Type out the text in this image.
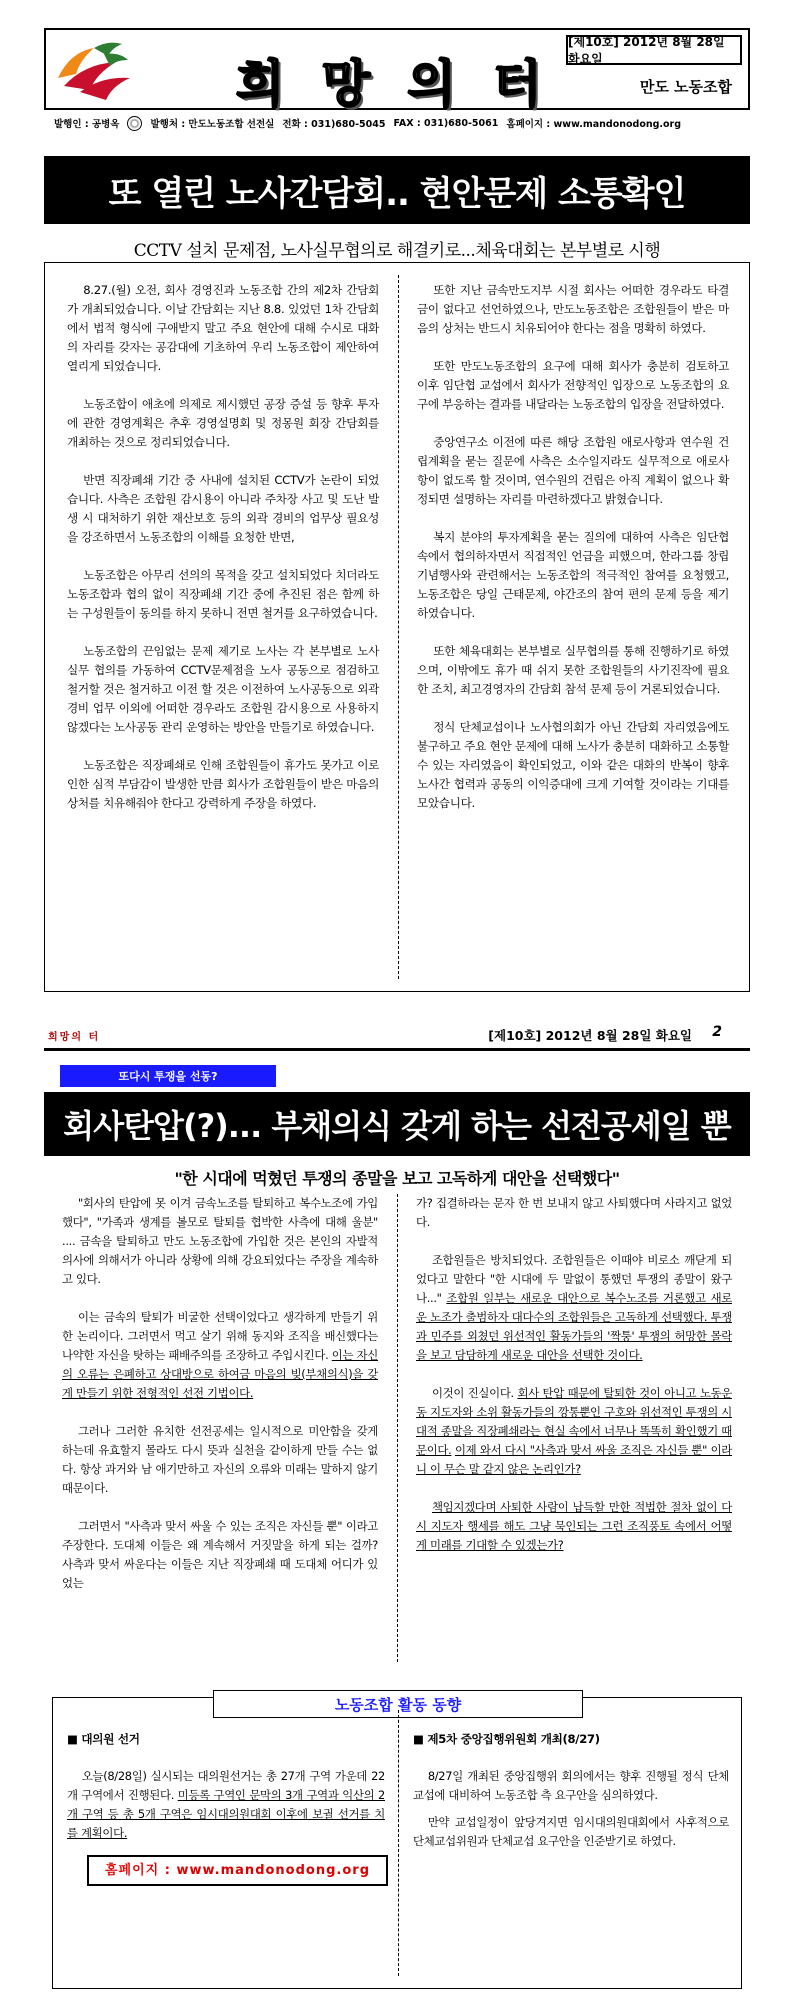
희 망 의 터
[제10호] 2012년 8월 28일 화요일
만도 노동조합
발행인 : 공병옥	발행처 : 만도노동조합 선전실 전화 : 031)680-5045 FAX : 031)680-5061 홈페이지 : www.mandonodong.org
또 열린 노사간담회.. 현안문제 소통확인
CCTV 설치 문제점, 노사실무협의로 해결키로...체육대회는 본부별로 시행

8.27.(월) 오전, 회사 경영진과 노동조합 간의 제2차 간담회가 개최되었습니다. 이날 간담회는 지난 8.8. 있었던 1차 간담회에서 법적 형식에 구애받지 말고 주요 현안에 대해 수시로 대화의 자리를 갖자는 공감대에 기초하여 우리 노동조합이 제안하여 열리게 되었습니다.

노동조합이 애초에 의제로 제시했던 공장 증설 등 향후 투자에 관한 경영계획은 추후 경영설명회 및 정몽원 회장 간담회를 개최하는 것으로 정리되었습니다.

반면 직장폐쇄 기간 중 사내에 설치된 CCTV가 논란이 되었습니다. 사측은 조합원 감시용이 아니라 주차장 사고 및 도난 발생 시 대처하기 위한 재산보호 등의 외곽 경비의 업무상 필요성을 강조하면서 노동조합의 이해를 요청한 반면,

노동조합은 아무리 선의의 목적을 갖고 설치되었다 치더라도 노동조합과 협의 없이 직장폐쇄 기간 중에 추진된 점은 함께 하는 구성원들이 동의를 하지 못하니 전면 철거를 요구하였습니다.

노동조합의 끈임없는 문제 제기로 노사는 각 본부별로 노사실무 협의를 가동하여 CCTV문제점을 노사 공동으로 점검하고 철거할 것은 철거하고 이전 할 것은 이전하여 노사공동으로 외곽경비 업무 이외에 어떠한 경우라도 조합원 감시용으로 사용하지 않겠다는 노사공동 관리 운영하는 방안을 만들기로 하였습니다.

노동조합은 직장폐쇄로 인해 조합원들이 휴가도 못가고 이로 인한 심적 부담감이 발생한 만큼 회사가 조합원들이 받은 마음의 상처를 치유해줘야 한다고 강력하게 주장을 하였다.

또한 지난 금속만도지부 시절 회사는 어떠한 경우라도 타결금이 없다고 선언하였으나, 만도노동조합은 조합원들이 받은 마음의 상처는 반드시 치유되어야 한다는 점을 명확히 하였다.

또한 만도노동조합의 요구에 대해 회사가 충분히 검토하고 이후 임단협 교섭에서 회사가 전향적인 입장으로 노동조합의 요구에 부응하는 결과를 내달라는 노동조합의 입장을 전달하였다.

중앙연구소 이전에 따른 해당 조합원 애로사항과 연수원 건립계획을 묻는 질문에 사측은 소수일지라도 실무적으로 애로사항이 없도록 할 것이며, 연수원의 건립은 아직 계획이 없으나 확정되면 설명하는 자리를 마련하겠다고 밝혔습니다.

복지 분야의 투자계획을 묻는 질의에 대하여 사측은 임단협 속에서 협의하자면서 직접적인 언급을 피했으며, 한라그룹 창립기념행사와 관련해서는 노동조합의 적극적인 참여를 요청했고, 노동조합은 당일 근태문제, 야간조의 참여 편의 문제 등을 제기하였습니다.

또한 체육대회는 본부별로 실무협의를 통해 진행하기로 하였으며, 이밖에도 휴가 때 쉬지 못한 조합원들의 사기진작에 필요한 조치, 최고경영자의 간담회 참석 문제 등이 거론되었습니다.

정식 단체교섭이나 노사협의회가 아닌 간담회 자리였음에도 불구하고 주요 현안 문제에 대해 노사가 충분히 대화하고 소통할 수 있는 자리였음이 확인되었고, 이와 같은 대화의 반복이 향후 노사간 협력과 공동의 이익증대에 크게 기여할 것이라는 기대를 모았습니다.

희망의 터	[제10호] 2012년 8월 28일 화요일 2
또다시 투쟁을 선동?
회사탄압(?)... 부채의식 갖게 하는 선전공세일 뿐
"한 시대에 먹혔던 투쟁의 종말을 보고 고독하게 대안을 선택했다"

"회사의 탄압에 못 이겨 금속노조를 탈퇴하고 복수노조에 가입했다", "가족과 생계를 볼모로 탈퇴를 협박한 사측에 대해 울분" .... 금속을 탈퇴하고 만도 노동조합에 가입한 것은 본인의 자발적 의사에 의해서가 아니라 상황에 의해 강요되었다는 주장을 계속하고 있다.

이는 금속의 탈퇴가 비굴한 선택이었다고 생각하게 만들기 위한 논리이다. 그러면서 먹고 살기 위해 동지와 조직을 배신했다는 나약한 자신을 탓하는 패배주의를 조장하고 주입시킨다. 이는 자신의 오류는 은폐하고 상대방으로 하여금 마음의 빚(부채의식)을 갖게 만들기 위한 전형적인 선전 기법이다.

그러나 그러한 유치한 선전공세는 일시적으로 미안함을 갖게 하는데 유효할지 몰라도 다시 뜻과 실천을 같이하게 만들 수는 없다. 항상 과거와 남 애기만하고 자신의 오류와 미래는 말하지 않기 때문이다.

그러면서 "사측과 맞서 싸울 수 있는 조직은 자신들 뿐" 이라고 주장한다. 도대체 이들은 왜 계속해서 거짓말을 하게 되는 걸까? 사측과 맞서 싸운다는 이들은 지난 직장폐쇄 때 도대체 어디가 있었는

가? 집결하라는 문자 한 번 보내지 않고 사퇴했다며 사라지고 없었다.

조합원들은 방치되었다. 조합원들은 이때야 비로소 깨닫게 되었다고 말한다 "한 시대에 두 말없이 통했던 투쟁의 종말이 왔구나..." 조합원 일부는 새로운 대안으로 복수노조를 거론했고 새로운 노조가 출범하자 대다수의 조합원들은 고독하게 선택했다. 투쟁과 민주를 외쳤던 위선적인 활동가들의 '짝퉁' 투쟁의 허망한 몰락을 보고 담담하게 새로운 대안을 선택한 것이다.

이것이 진실이다. 회사 탄압 때문에 탈퇴한 것이 아니고 노동운동 지도자와 소위 활동가들의 깡통뿐인 구호와 위선적인 투쟁의 시대적 종말을 직장폐쇄라는 현실 속에서 너무나 똑똑히 확인했기 때문이다. 이제 와서 다시 "사측과 맞서 싸울 조직은 자신들 뿐" 이라니 이 무슨 말 같지 않은 논리인가?

책임지겠다며 사퇴한 사람이 납득할 만한 적법한 절차 없이 다시 지도자 행세를 해도 그냥 묵인되는 그런 조직풍토 속에서 어떻게 미래를 기대할 수 있겠는가?

노동조합 활동 동향
■ 대의원 선거

오늘(8/28일) 실시되는 대의원선거는 총 27개 구역 가운데 22개 구역에서 진행된다. 미등록 구역인 문막의 3개 구역과 익산의 2개 구역 등 총 5개 구역은 임시대의원대회 이후에 보궐 선거를 치를 계획이다.

홈페이지 : www.mandonodong.org
■ 제5차 중앙집행위원회 개최(8/27)

8/27일 개최된 중앙집행위 회의에서는 향후 진행될 정식 단체교섭에 대비하여 노동조합 측 요구안을 심의하였다.

만약 교섭일정이 앞당겨지면 임시대의원대회에서 사후적으로 단체교섭위원과 단체교섭 요구안을 인준받기로 하였다.
